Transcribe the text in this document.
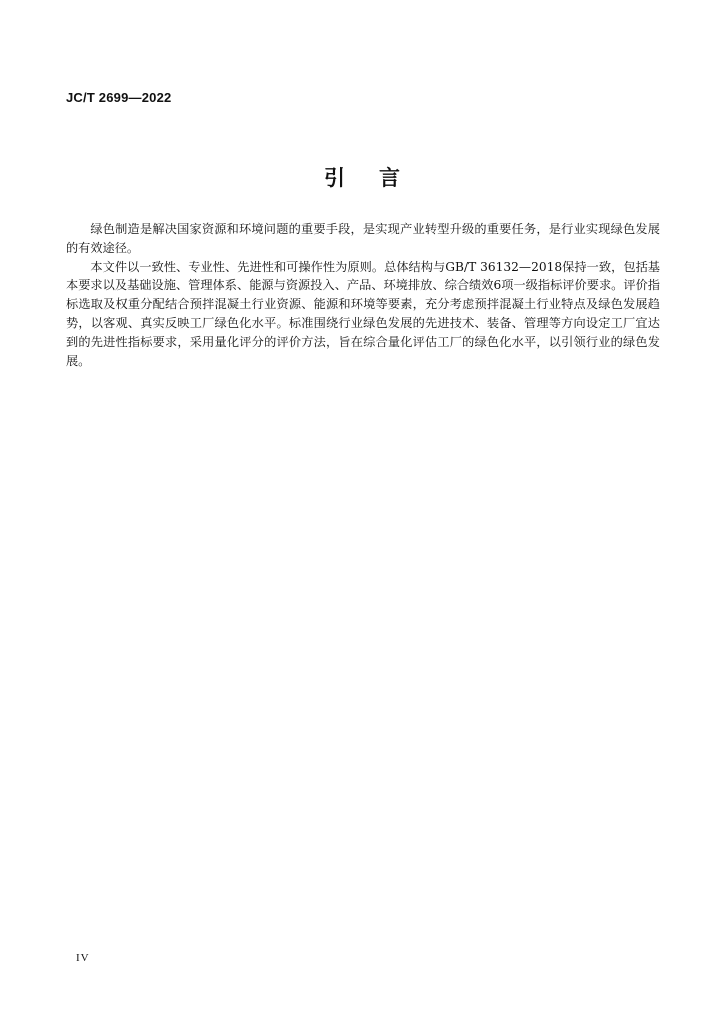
JC/T 2699—2022
引言

绿色制造是解决国家资源和环境问题的重要手段，是实现产业转型升级的重要任务，是行业实现绿色发展的有效途径。

本文件以一致性、专业性、先进性和可操作性为原则。总体结构与GB/T 36132—2018保持一致，包括基本要求以及基础设施、管理体系、能源与资源投入、产品、环境排放、综合绩效6项一级指标评价要求。评价指标选取及权重分配结合预拌混凝土行业资源、能源和环境等要素，充分考虑预拌混凝土行业特点及绿色发展趋势，以客观、真实反映工厂绿色化水平。标准围绕行业绿色发展的先进技术、装备、管理等方向设定工厂宜达到的先进性指标要求，采用量化评分的评价方法，旨在综合量化评估工厂的绿色化水平，以引领行业的绿色发展。

IV
